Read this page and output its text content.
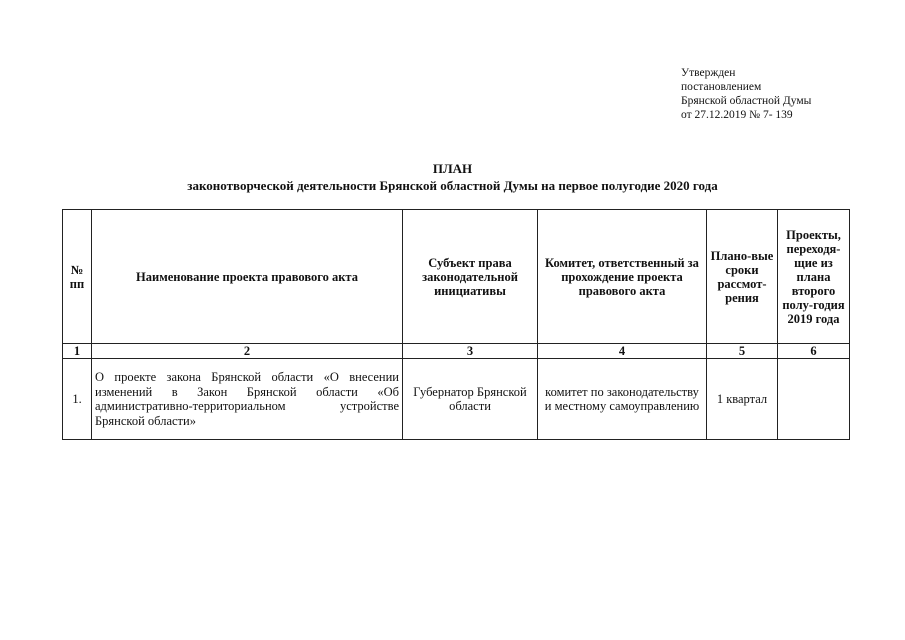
Утвержден
постановлением
Брянской областной Думы
от 27.12.2019 № 7- 139
ПЛАН
законотворческой деятельности Брянской областной Думы на первое полугодие 2020 года
№ пп	Наименование проекта правового акта	Субъект права законодательной инициативы	Комитет, ответственный за прохождение проекта правового акта	Плано-вые сроки рассмот-рения	Проекты, переходя-щие из плана второго полу-годия 2019 года
1	2	3	4	5	6
1.	О проекте закона Брянской области «О внесении изменений в Закон Брянской области «Об административно-территориальном устройстве Брянской области»	Губернатор Брянской области	комитет по законодательству и местному самоуправлению	1 квартал	
